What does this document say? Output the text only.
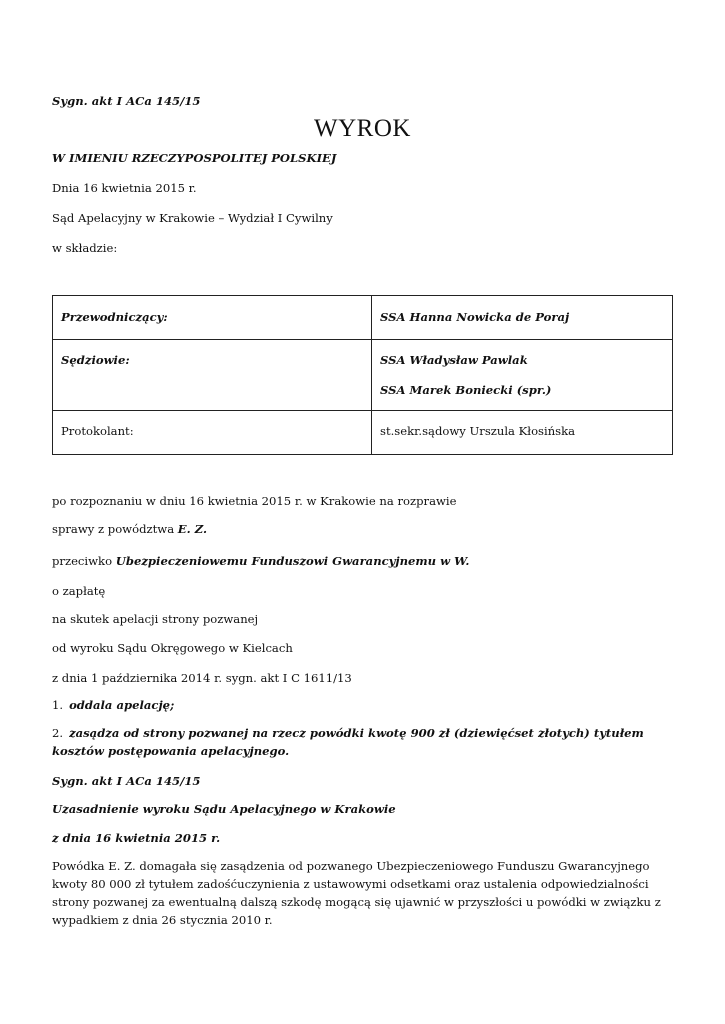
Sygn. akt I ACa 145/15
WYROK
W IMIENIU RZECZYPOSPOLITEJ POLSKIEJ
Dnia 16 kwietnia 2015 r.
Sąd Apelacyjny w Krakowie – Wydział I Cywilny
w składzie:
Przewodniczący:	SSA Hanna Nowicka de Poraj
Sędziowie:	SSA Władysław Pawlak
SSA Marek Boniecki (spr.)

Protokolant:	st.sekr.sądowy Urszula Kłosińska
po rozpoznaniu w dniu 16 kwietnia 2015 r. w Krakowie na rozprawie
sprawy z powództwa E. Z.
przeciwko Ubezpieczeniowemu Funduszowi Gwarancyjnemu w W.
o zapłatę
na skutek apelacji strony pozwanej
od wyroku Sądu Okręgowego w Kielcach
z dnia 1 października 2014 r. sygn. akt I C 1611/13
1. oddala apelację;
2. zasądza od strony pozwanej na rzecz powódki kwotę 900 zł (dziewięćset złotych) tytułem kosztów postępowania apelacyjnego.
Sygn. akt I ACa 145/15
Uzasadnienie wyroku Sądu Apelacyjnego w Krakowie
z dnia 16 kwietnia 2015 r.
Powódka E. Z. domagała się zasądzenia od pozwanego Ubezpieczeniowego Funduszu Gwarancyjnego kwoty 80 000 zł tytułem zadośćuczynienia z ustawowymi odsetkami oraz ustalenia odpowiedzialności strony pozwanej za ewentualną dalszą szkodę mogącą się ujawnić w przyszłości u powódki w związku z wypadkiem z dnia 26 stycznia 2010 r.
